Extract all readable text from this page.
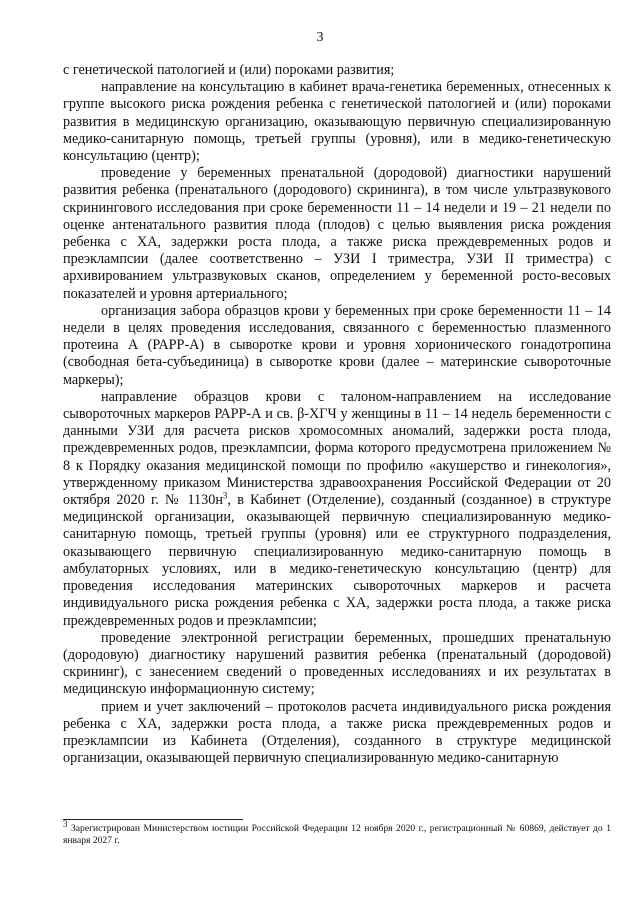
3

с генетической патологией и (или) пороками развития;

направление на консультацию в кабинет врача-генетика беременных, отнесенных к группе высокого риска рождения ребенка с генетической патологией и (или) пороками развития в медицинскую организацию, оказывающую первичную специализированную медико-санитарную помощь, третьей группы (уровня), или в медико-генетическую консультацию (центр);

проведение у беременных пренатальной (дородовой) диагностики нарушений развития ребенка (пренатального (дородового) скрининга), в том числе ультразвукового скринингового исследования при сроке беременности 11 – 14 недели и 19 – 21 недели по оценке антенатального развития плода (плодов) с целью выявления риска рождения ребенка с ХА, задержки роста плода, а также риска преждевременных родов и преэклампсии (далее соответственно – УЗИ I триместра, УЗИ II триместра) с архивированием ультразвуковых сканов, определением у беременной росто-весовых показателей и уровня артериального;

организация забора образцов крови у беременных при сроке беременности 11 – 14 недели в целях проведения исследования, связанного с беременностью плазменного протеина А (РАРР-А) в сыворотке крови и уровня хорионического гонадотропина (свободная бета-субъединица) в сыворотке крови (далее – материнские сывороточные маркеры);

направление образцов крови с талоном-направлением на исследование сывороточных маркеров РАРР-А и св. β-ХГЧ у женщины в 11 – 14 недель беременности с данными УЗИ для расчета рисков хромосомных аномалий, задержки роста плода, преждевременных родов, преэклампсии, форма которого предусмотрена приложением № 8 к Порядку оказания медицинской помощи по профилю «акушерство и гинекология», утвержденному приказом Министерства здравоохранения Российской Федерации от 20 октября 2020 г. № $1130н^3$, в Кабинет (Отделение), созданный (созданное) в структуре медицинской организации, оказывающей первичную специализированную медико-санитарную помощь, третьей группы (уровня) или ее структурного подразделения, оказывающего первичную специализированную медико-санитарную помощь в амбулаторных условиях, или в медико-генетическую консультацию (центр) для проведения исследования материнских сывороточных маркеров и расчета индивидуального риска рождения ребенка с ХА, задержки роста плода, а также риска преждевременных родов и преэклампсии;

проведение электронной регистрации беременных, прошедших пренатальную (дородовую) диагностику нарушений развития ребенка (пренатальный (дородовой) скрининг), с занесением сведений о проведенных исследованиях и их результатах в медицинскую информационную систему;

прием и учет заключений – протоколов расчета индивидуального риска рождения ребенка с ХА, задержки роста плода, а также риска преждевременных родов и преэклампсии из Кабинета (Отделения), созданного в структуре медицинской организации, оказывающей первичную специализированную медико-санитарную

3 Зарегистрирован Министерством юстиции Российской Федерации 12 ноября 2020 г., регистрационный № 60869, действует до 1 января 2027 г.
